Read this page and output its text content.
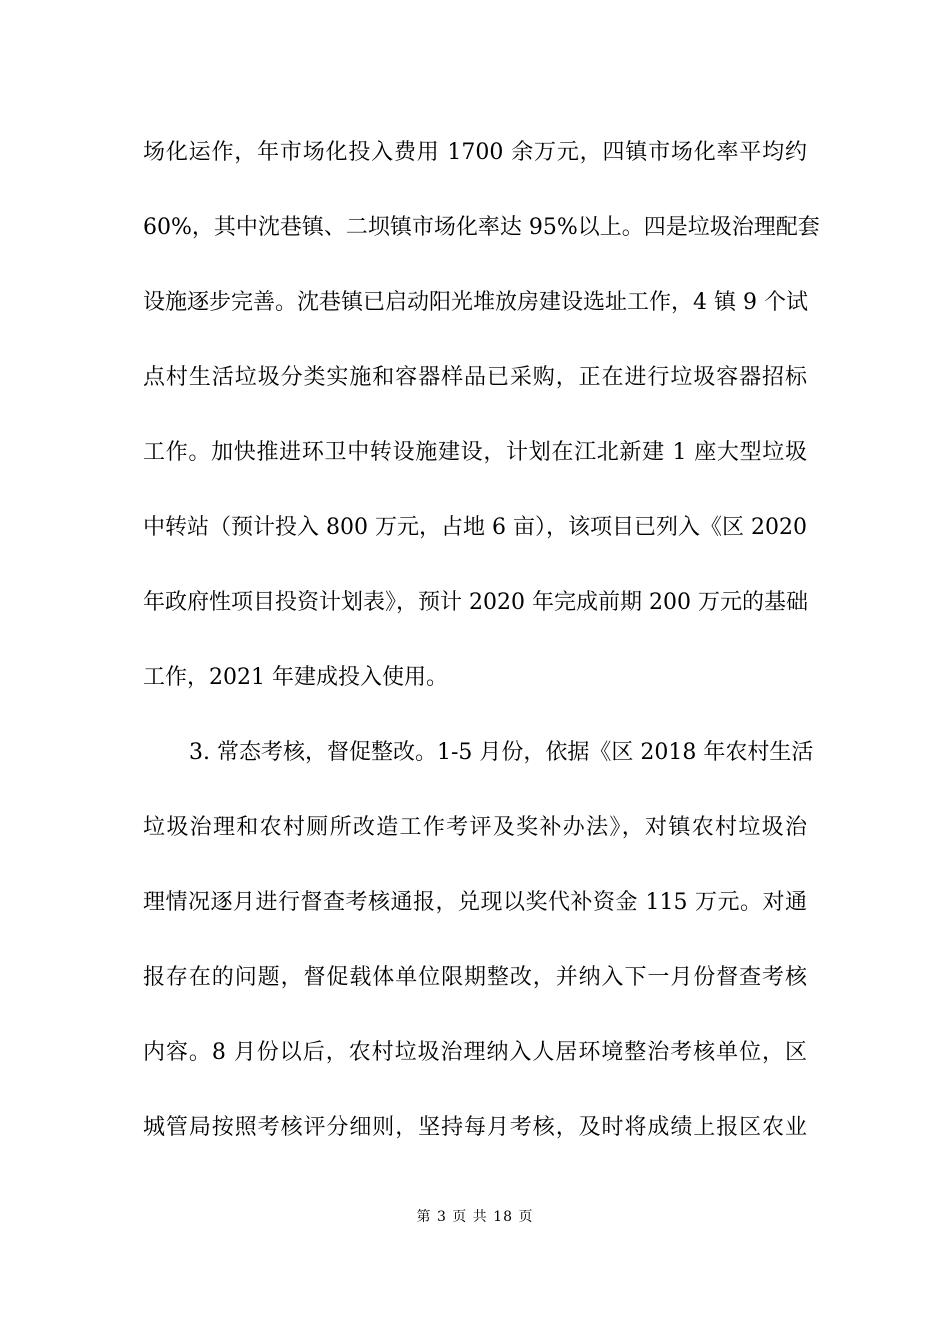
场化运作，年市场化投入费用 1700 余万元，四镇市场化率平均约
60%，其中沈巷镇、二坝镇市场化率达 95%以上。四是垃圾治理配套
设施逐步完善。沈巷镇已启动阳光堆放房建设选址工作，4 镇 9 个试
点村生活垃圾分类实施和容器样品已采购，正在进行垃圾容器招标
工作。加快推进环卫中转设施建设，计划在江北新建 1 座大型垃圾
中转站（预计投入 800 万元，占地 6 亩），该项目已列入《区 2020
年政府性项目投资计划表》，预计 2020 年完成前期 200 万元的基础
工作，2021 年建成投入使用。
3. 常态考核，督促整改。1-5 月份，依据《区 2018 年农村生活
垃圾治理和农村厕所改造工作考评及奖补办法》，对镇农村垃圾治
理情况逐月进行督查考核通报，兑现以奖代补资金 115 万元。对通
报存在的问题，督促载体单位限期整改，并纳入下一月份督查考核
内容。8 月份以后，农村垃圾治理纳入人居环境整治考核单位，区
城管局按照考核评分细则，坚持每月考核，及时将成绩上报区农业
第 3 页 共 18 页
